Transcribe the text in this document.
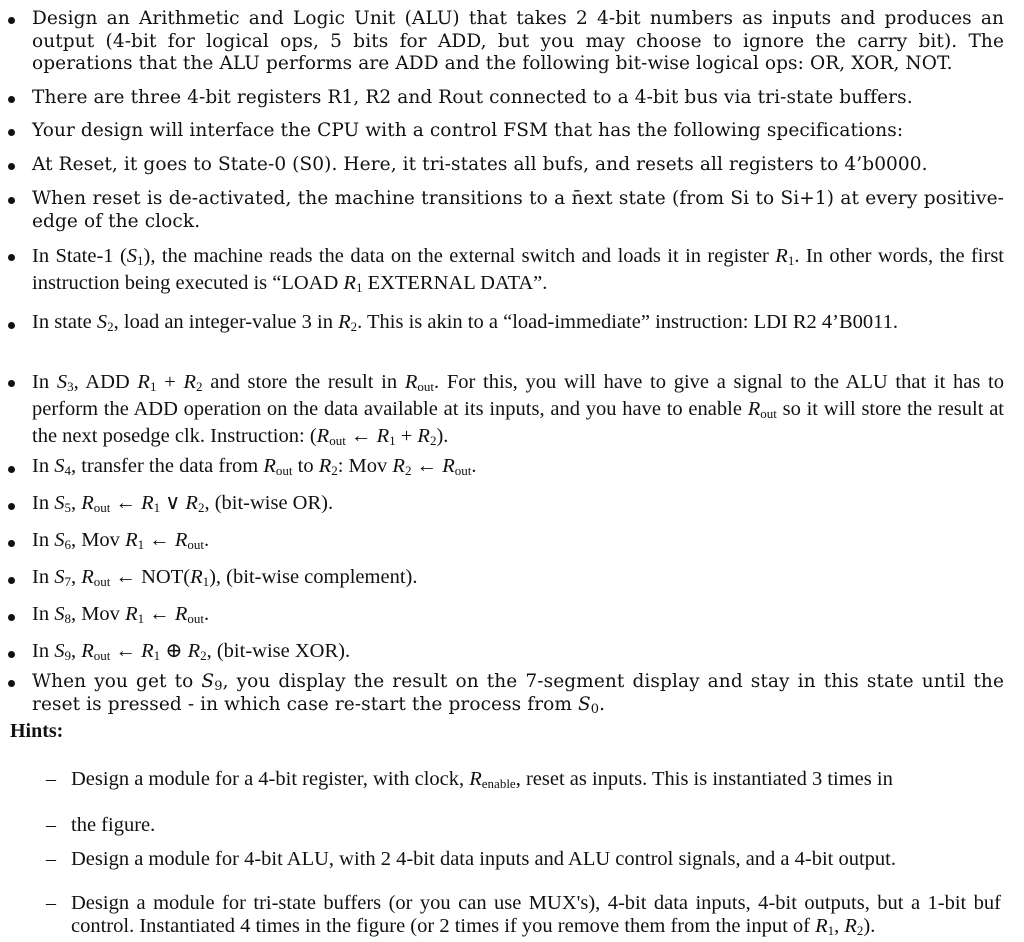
Design an Arithmetic and Logic Unit (ALU) that takes 2 4-bit numbers as inputs and produces an output (4-bit for logical ops, 5 bits for ADD, but you may choose to ignore the carry bit). The operations that the ALU performs are ADD and the following bit-wise logical ops: OR, XOR, NOT.
There are three 4-bit registers R1, R2 and Rout connected to a 4-bit bus via tri-state buffers.
Your design will interface the CPU with a control FSM that has the following specifications:
At Reset, it goes to State-0 (S0). Here, it tri-states all bufs, and resets all registers to 4’b0000.
When reset is de-activated, the machine transitions to a n̄ext state (from Si to Si+1) at every positive-edge of the clock.
In State-1 $(S_1)$, the machine reads the data on the external switch and loads it in register $R_1$. In other words, the first instruction being executed is “LOAD $R_1$ EXTERNAL DATA”.
In state $S_2$, load an integer-value 3 in $R_2$. This is akin to a “load-immediate” instruction: LDI R2 4’B0011.
In $S_3$, ADD $R_1 + R_2$ and store the result in $R_{out}$. For this, you will have to give a signal to the ALU that it has to perform the ADD operation on the data available at its inputs, and you have to enable $R_{out}$ so it will store the result at the next posedge clk. Instruction: ($R_{out}$ ← $R_1 + R_2$).
In $S_4$, transfer the data from $R_{out}$ to $R_2$: Mov $R_2$ ← $R_{out}$.
In $S_5$, $R_{out}$ ← $R_1$ ∨ $R_2$, (bit-wise OR).
In $S_6$, Mov $R_1$ ← $R_{out}$.
In $S_7$, $R_{out}$ ← $NOT(R_1)$, (bit-wise complement).
In $S_8$, Mov $R_1$ ← $R_{out}$.
In $S_9$, $R_{out}$ ← $R_1$ ⊕ $R_2$, (bit-wise XOR).
When you get to $S_9$, you display the result on the 7-segment display and stay in this state until the reset is pressed - in which case re-start the process from $S_0$.
Hints:
– Design a module for a 4-bit register, with clock, $R_{enable}$, reset as inputs. This is instantiated 3 times in
– the figure.
– Design a module for 4-bit ALU, with 2 4-bit data inputs and ALU control signals, and a 4-bit output.
– Design a module for tri-state buffers (or you can use MUX's), 4-bit data inputs, 4-bit outputs, but a 1-bit buf control. Instantiated 4 times in the figure (or 2 times if you remove them from the input of $R_1$, $R_2$).
